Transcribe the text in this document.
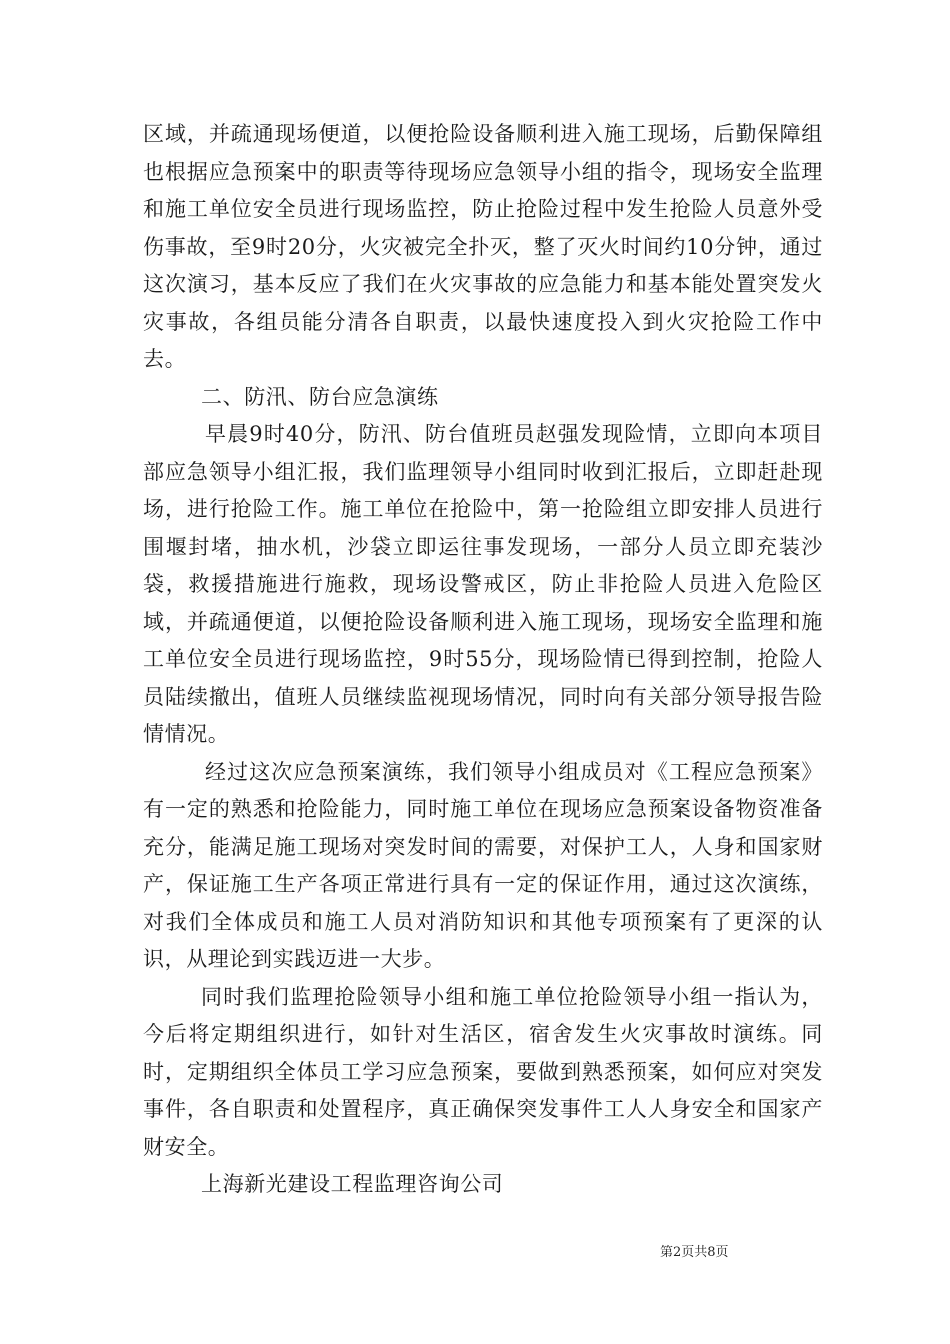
区域，并疏通现场便道，以便抢险设备顺利进入施工现场，后勤保障组也根据应急预案中的职责等待现场应急领导小组的指令，现场安全监理和施工单位安全员进行现场监控，防止抢险过程中发生抢险人员意外受伤事故，至9时20分，火灾被完全扑灭，整了灭火时间约10分钟，通过这次演习，基本反应了我们在火灾事故的应急能力和基本能处置突发火灾事故，各组员能分清各自职责，以最快速度投入到火灾抢险工作中去。

二、防汛、防台应急演练

早晨9时40分，防汛、防台值班员赵强发现险情，立即向本项目部应急领导小组汇报，我们监理领导小组同时收到汇报后，立即赶赴现场，进行抢险工作。施工单位在抢险中，第一抢险组立即安排人员进行围堰封堵，抽水机，沙袋立即运往事发现场，一部分人员立即充装沙袋，救援措施进行施救，现场设警戒区，防止非抢险人员进入危险区域，并疏通便道，以便抢险设备顺利进入施工现场，现场安全监理和施工单位安全员进行现场监控，9时55分，现场险情已得到控制，抢险人员陆续撤出，值班人员继续监视现场情况，同时向有关部分领导报告险情情况。

经过这次应急预案演练，我们领导小组成员对《工程应急预案》有一定的熟悉和抢险能力，同时施工单位在现场应急预案设备物资准备充分，能满足施工现场对突发时间的需要，对保护工人，人身和国家财产，保证施工生产各项正常进行具有一定的保证作用，通过这次演练，对我们全体成员和施工人员对消防知识和其他专项预案有了更深的认识，从理论到实践迈进一大步。

同时我们监理抢险领导小组和施工单位抢险领导小组一指认为，今后将定期组织进行，如针对生活区，宿舍发生火灾事故时演练。同时，定期组织全体员工学习应急预案，要做到熟悉预案，如何应对突发事件，各自职责和处置程序，真正确保突发事件工人人身安全和国家产财安全。

上海新光建设工程监理咨询公司

第2页共8页
